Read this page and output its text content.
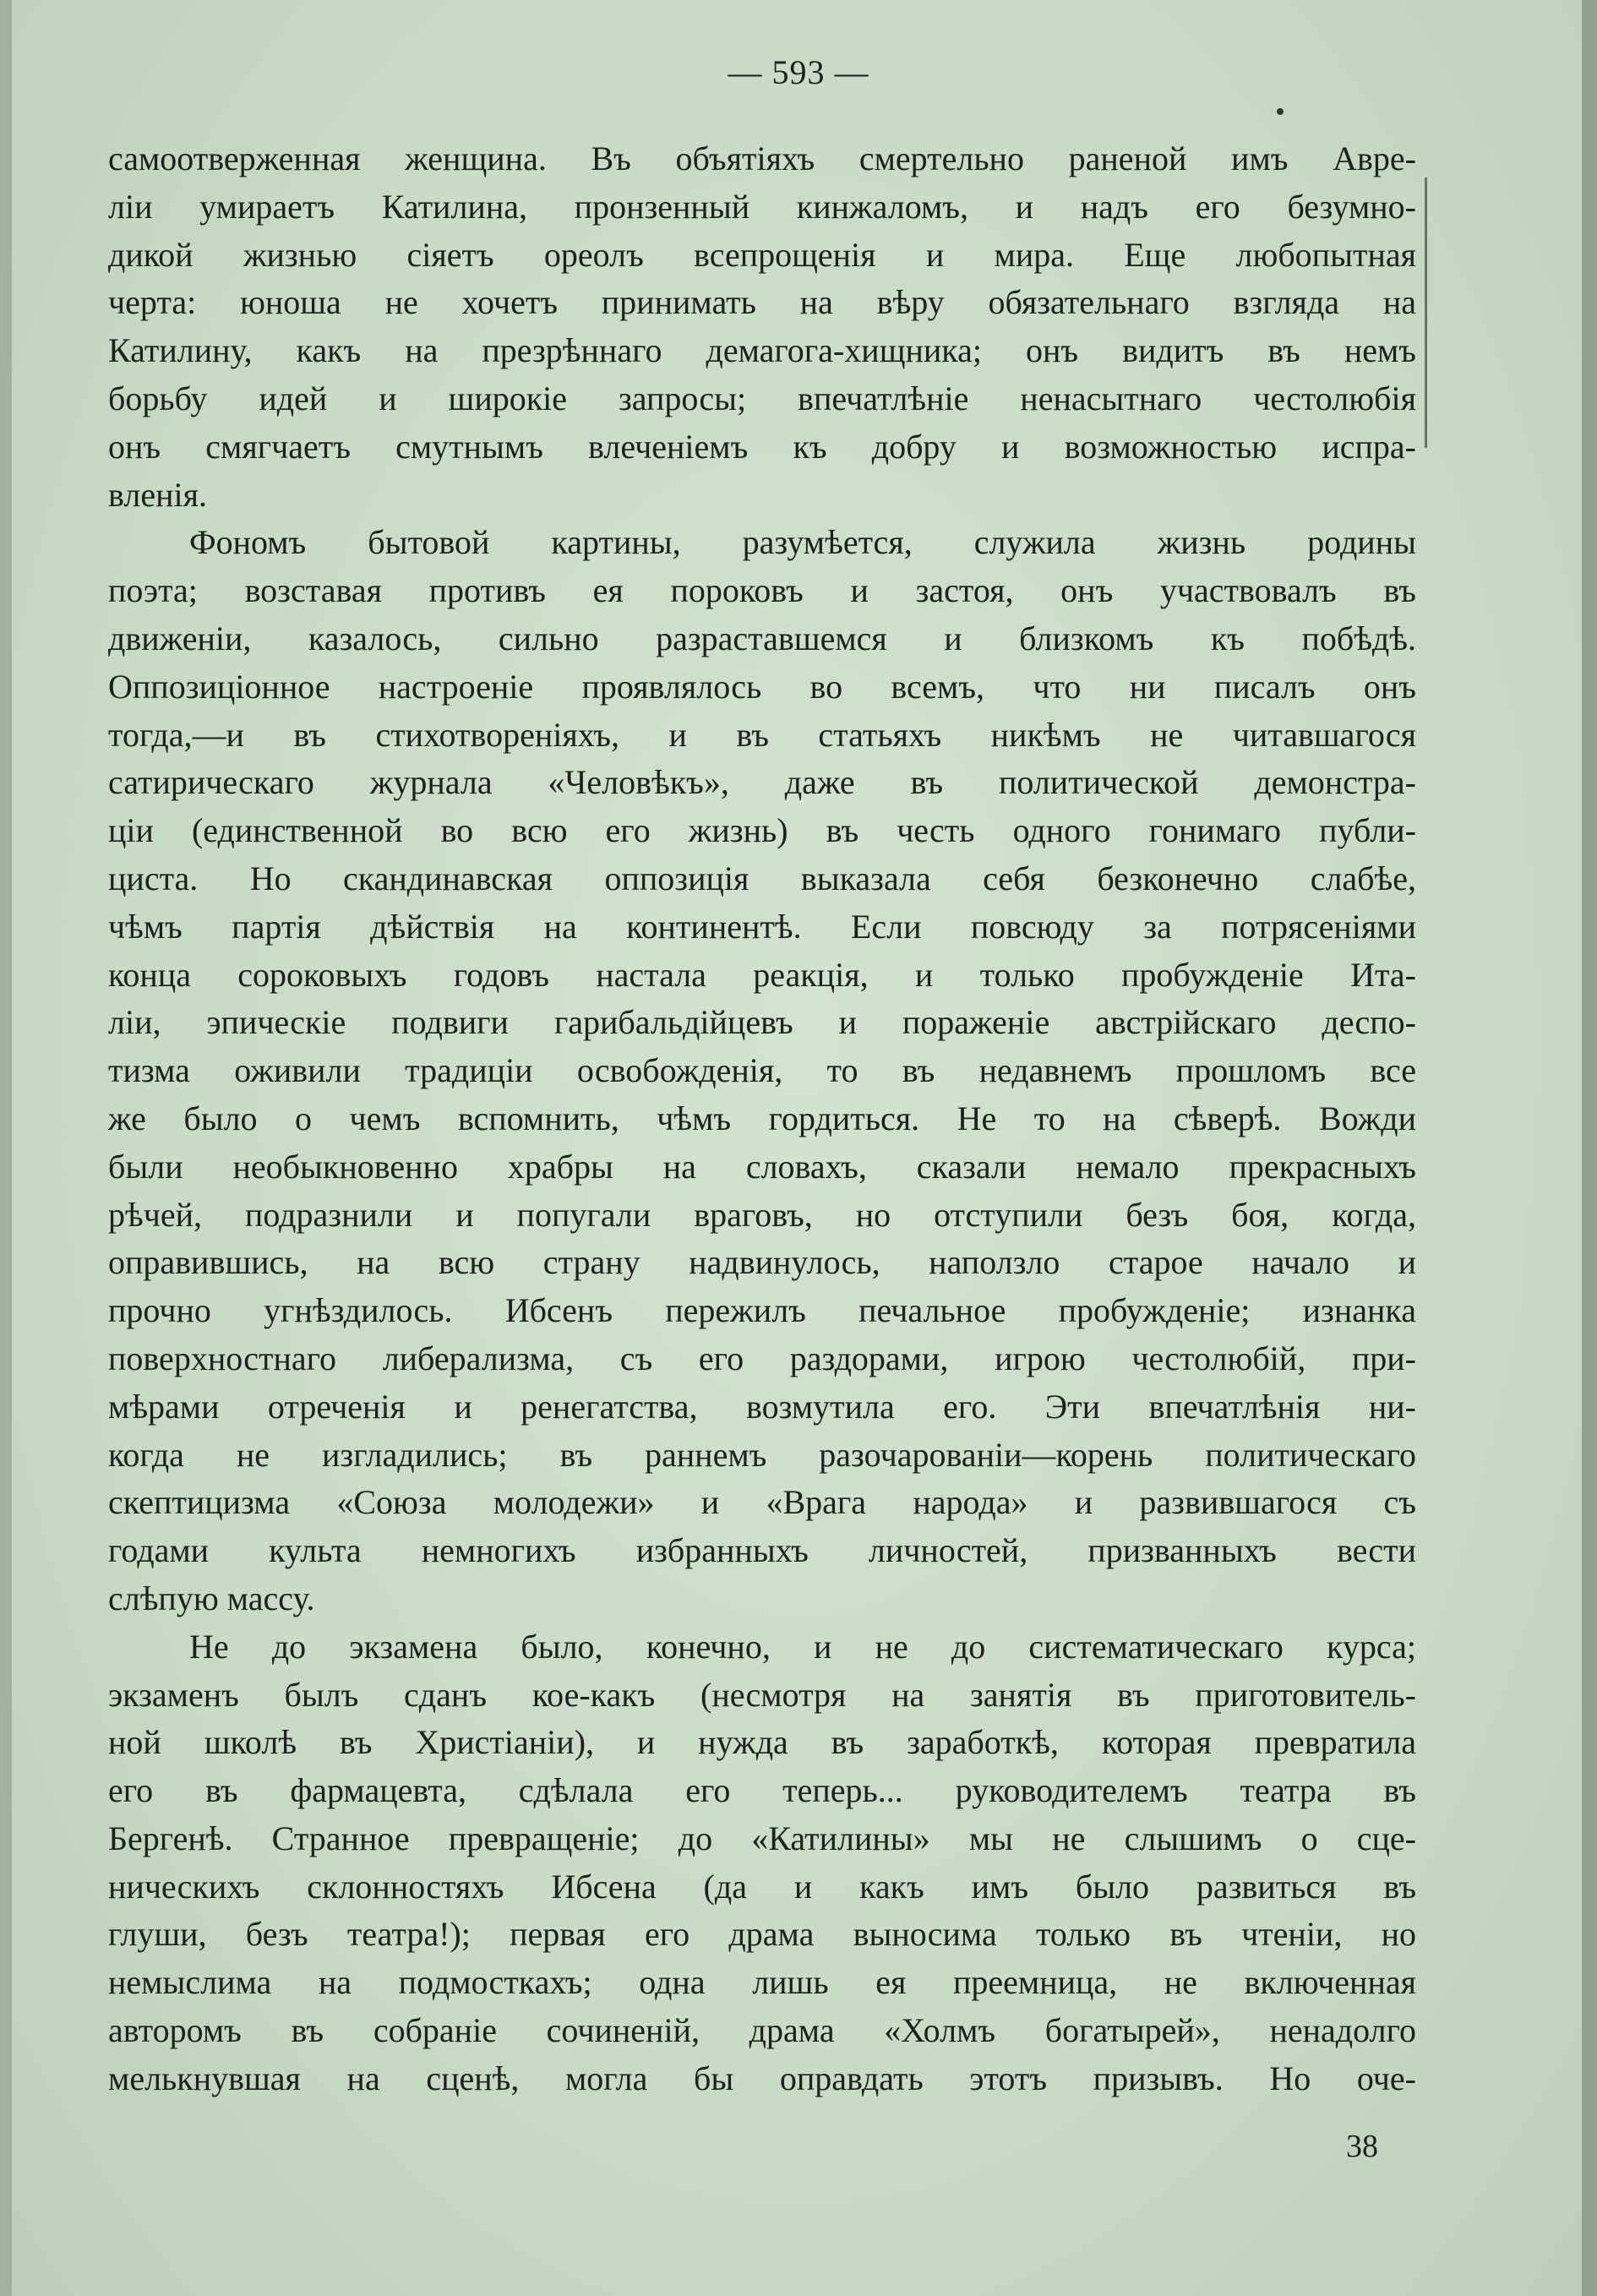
— 593 —
самоотверженная женщина. Въ объятіяхъ смертельно раненой имъ Авре-
ліи умираетъ Катилина, пронзенный кинжаломъ, и надъ его безумно-
дикой жизнью сіяетъ ореолъ всепрощенія и мира. Еще любопытная
черта: юноша не хочетъ принимать на вѣру обязательнаго взгляда на
Катилину, какъ на презрѣннаго демагога-хищника; онъ видитъ въ немъ
борьбу идей и широкіе запросы; впечатлѣніе ненасытнаго честолюбія
онъ смягчаетъ смутнымъ влеченіемъ къ добру и возможностью испра-
вленія.
Фономъ бытовой картины, разумѣется, служила жизнь родины
поэта; возставая противъ ея пороковъ и застоя, онъ участвовалъ въ
движеніи, казалось, сильно разраставшемся и близкомъ къ побѣдѣ.
Оппозиціонное настроеніе проявлялось во всемъ, что ни писалъ онъ
тогда,—и въ стихотвореніяхъ, и въ статьяхъ никѣмъ не читавшагося
сатирическаго журнала «Человѣкъ», даже въ политической демонстра-
ціи (единственной во всю его жизнь) въ честь одного гонимаго публи-
циста. Но скандинавская оппозиція выказала себя безконечно слабѣе,
чѣмъ партія дѣйствія на континентѣ. Если повсюду за потрясеніями
конца сороковыхъ годовъ настала реакція, и только пробужденіе Ита-
ліи, эпическіе подвиги гарибальдійцевъ и пораженіе австрійскаго деспо-
тизма оживили традиціи освобожденія, то въ недавнемъ прошломъ все
же было о чемъ вспомнить, чѣмъ гордиться. Не то на сѣверѣ. Вожди
были необыкновенно храбры на словахъ, сказали немало прекрасныхъ
рѣчей, подразнили и попугали враговъ, но отступили безъ боя, когда,
оправившись, на всю страну надвинулось, наползло старое начало и
прочно угнѣздилось. Ибсенъ пережилъ печальное пробужденіе; изнанка
поверхностнаго либерализма, съ его раздорами, игрою честолюбій, при-
мѣрами отреченія и ренегатства, возмутила его. Эти впечатлѣнія ни-
когда не изгладились; въ раннемъ разочарованіи—корень политическаго
скептицизма «Союза молодежи» и «Врага народа» и развившагося съ
годами культа немногихъ избранныхъ личностей, призванныхъ вести
слѣпую массу.
Не до экзамена было, конечно, и не до систематическаго курса;
экзаменъ былъ сданъ кое-какъ (несмотря на занятія въ приготовитель-
ной школѣ въ Христіаніи), и нужда въ заработкѣ, которая превратила
его въ фармацевта, сдѣлала его теперь... руководителемъ театра въ
Бергенѣ. Странное превращеніе; до «Катилины» мы не слышимъ о сце-
ническихъ склонностяхъ Ибсена (да и какъ имъ было развиться въ
глуши, безъ театра!); первая его драма выносима только въ чтеніи, но
немыслима на подмосткахъ; одна лишь ея преемница, не включенная
авторомъ въ собраніе сочиненій, драма «Холмъ богатырей», ненадолго
мелькнувшая на сценѣ, могла бы оправдать этотъ призывъ. Но оче-
38
